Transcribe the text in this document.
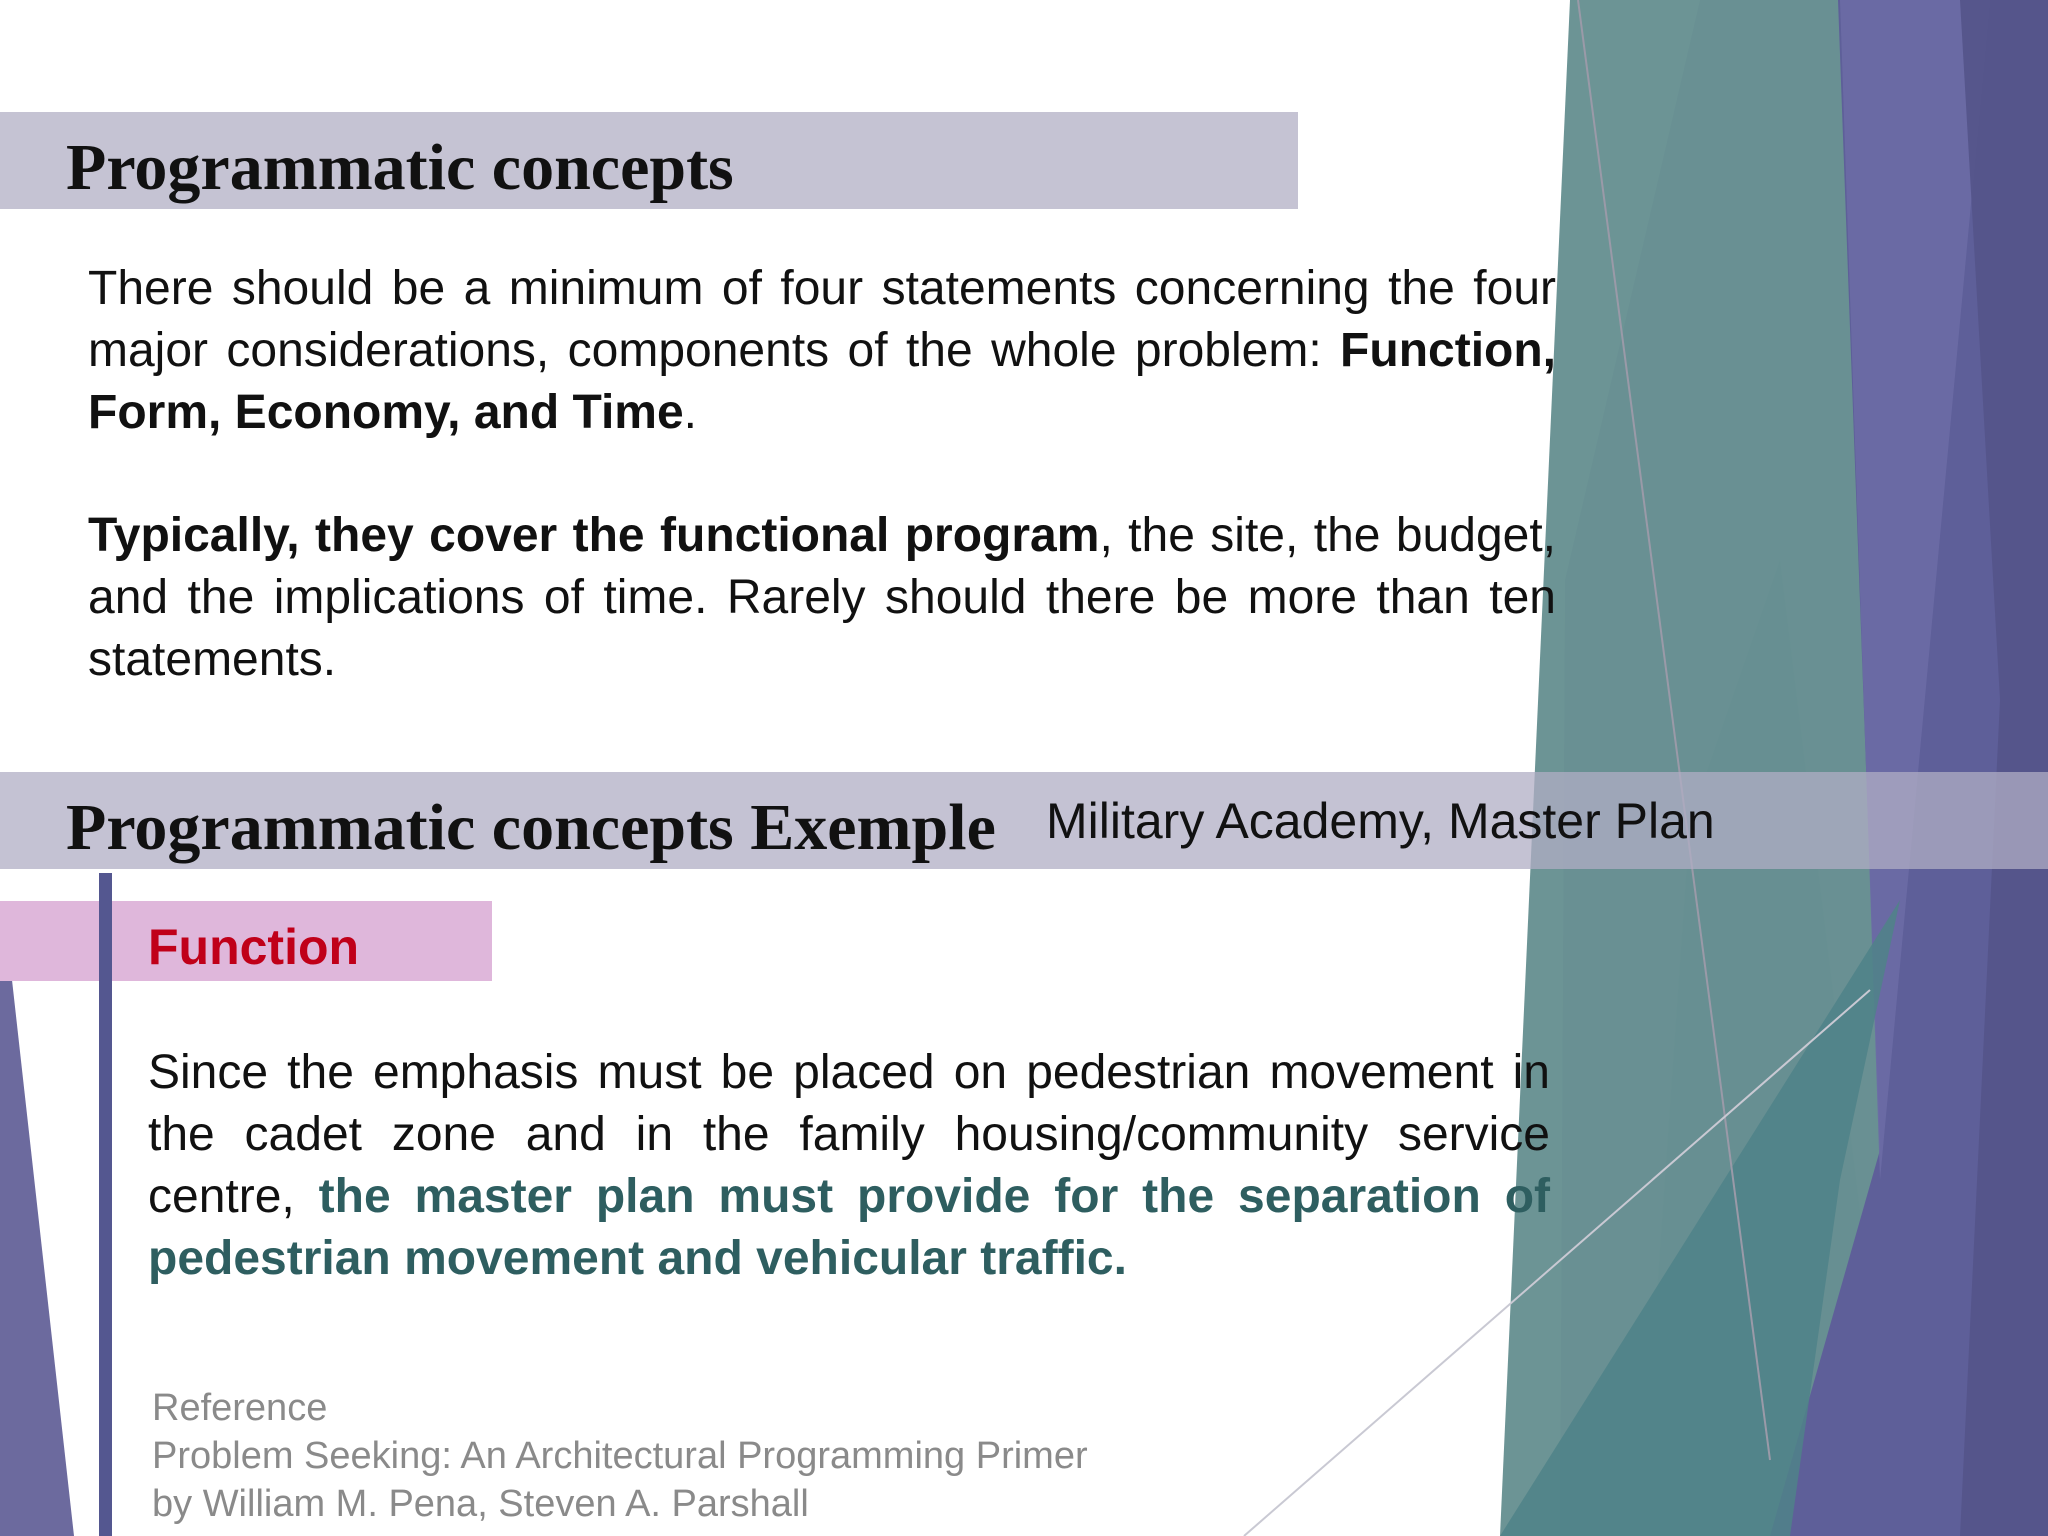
Programmatic concepts
There should be a minimum of four statements concerning the four major considerations, components of the whole problem: Function, Form, Economy, and Time.
Typically, they cover the functional program, the site, the budget, and the implications of time. Rarely should there be more than ten statements.
Programmatic concepts Exemple Military Academy, Master Plan
Function
Since the emphasis must be placed on pedestrian movement in the cadet zone and in the family housing/community service centre, the master plan must provide for the separation of pedestrian movement and vehicular traffic.
Reference
Problem Seeking: An Architectural Programming Primer
by William M. Pena, Steven A. Parshall
